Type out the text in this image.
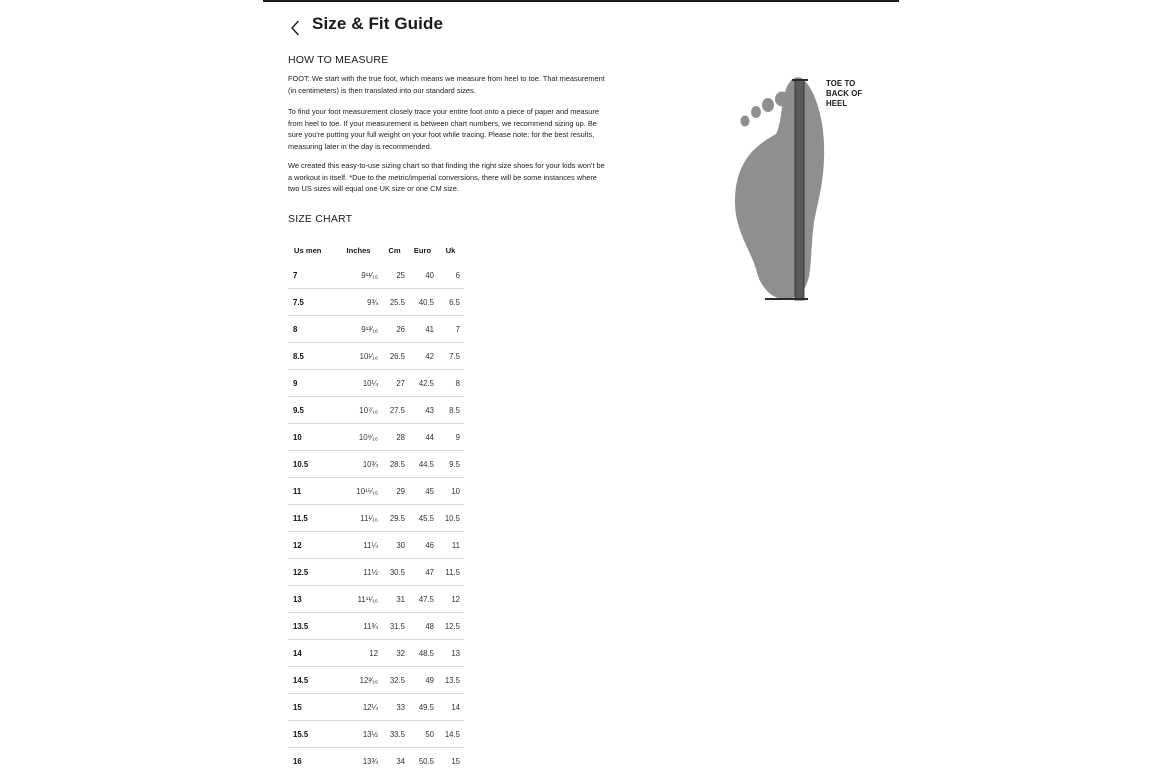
Size & Fit Guide
HOW TO MEASURE

FOOT: We start with the true foot, which means we measure from heel to toe. That measurement (in centimeters) is then translated into our standard sizes.

To find your foot measurement closely trace your entire foot onto a piece of paper and measure from heel to toe. If your measurement is between chart numbers, we recommend sizing up. Be sure you're putting your full weight on your foot while tracing. Please note: for the best results, measuring later in the day is recommended.

We created this easy-to-use sizing chart so that finding the right size shoes for your kids won't be a workout in itself. *Due to the metric/imperial conversions, there will be some instances where two US sizes will equal one UK size or one CM size.

SIZE CHART
Us men	Inches	Cm	Euro	Uk
7	9¹¹⁄₁₆	25	40	6
7.5	9¾	25.5	40.5	6.5
8	9¹³⁄₁₆	26	41	7
8.5	10¹⁄₁₆	26.5	42	7.5
9	10¼	27	42.5	8
9.5	10⁷⁄₁₆	27.5	43	8.5
10	10⁹⁄₁₆	28	44	9
10.5	10¾	28.5	44.5	9.5
11	10¹⁵⁄₁₆	29	45	10
11.5	11¹⁄₁₆	29.5	45.5	10.5
12	11¼	30	46	11
12.5	11½	30.5	47	11.5
13	11¹¹⁄₁₆	31	47.5	12
13.5	11¾	31.5	48	12.5
14	12	32	48.5	13
14.5	12³⁄₁₆	32.5	49	13.5
15	12¼	33	49.5	14
15.5	13½	33.5	50	14.5
16	13¾	34	50.5	15
TOE TO
BACK OF
HEEL
